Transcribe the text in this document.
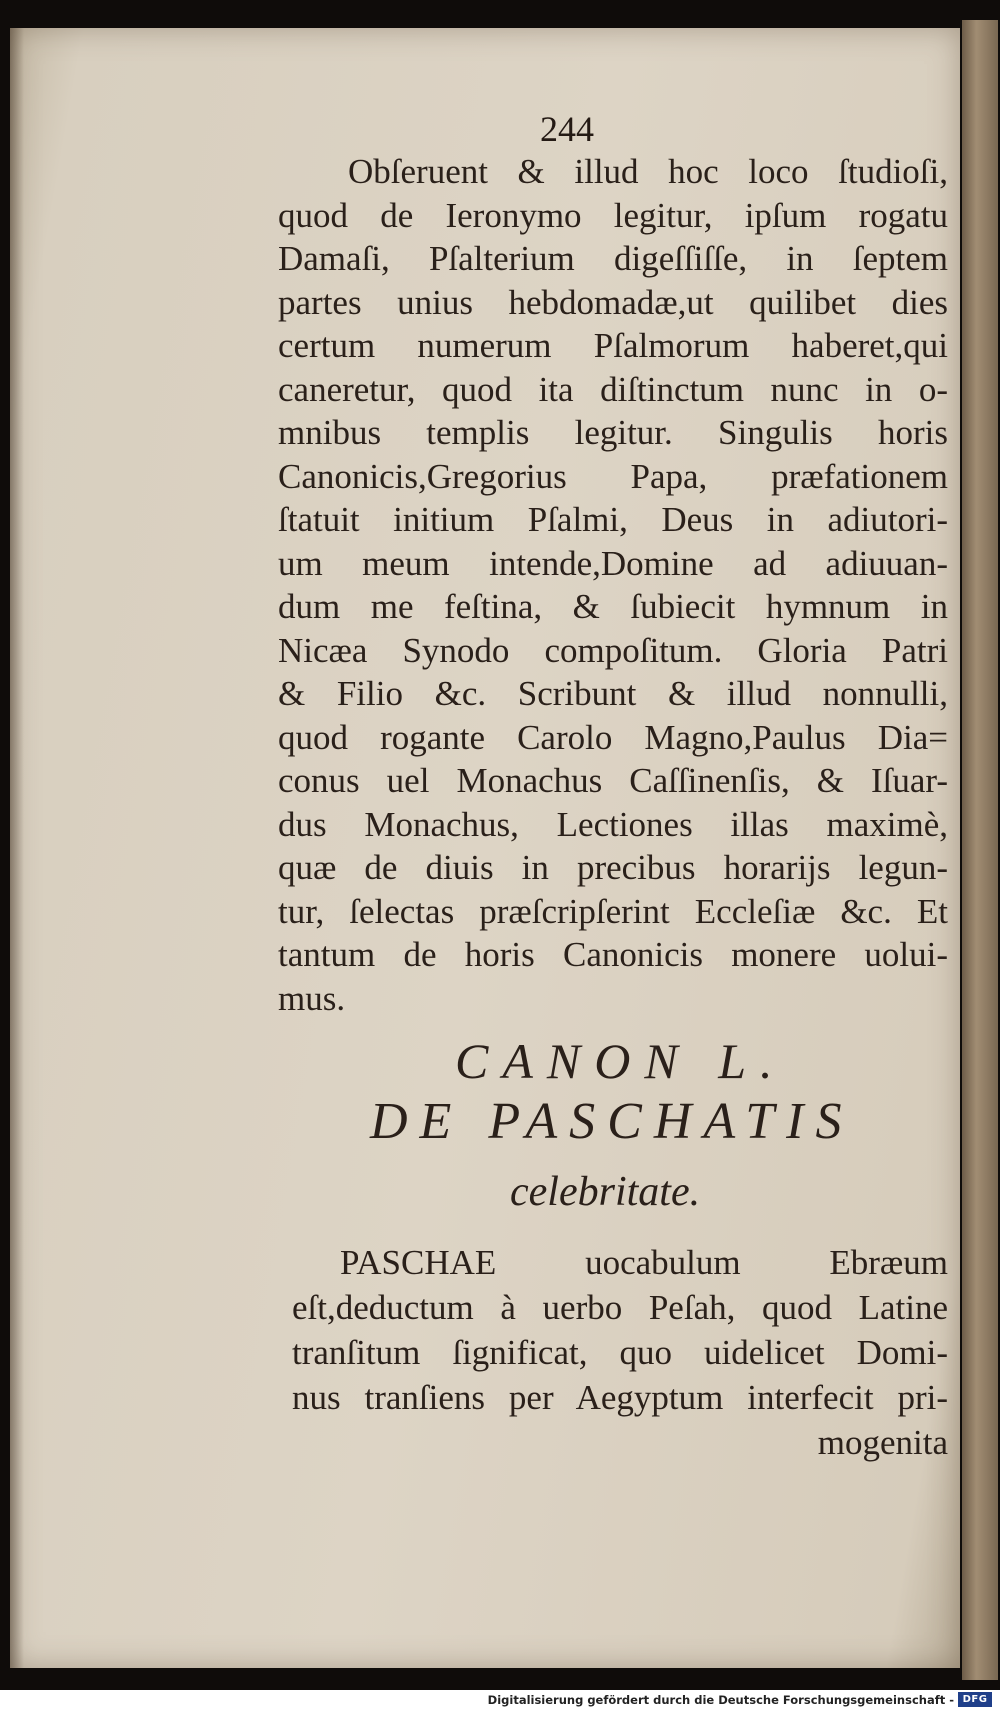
244
Obſeruent & illud hoc loco ſtudioſi,
quod de Ieronymo legitur, ipſum rogatu
Damaſi, Pſalterium digeſſiſſe, in ſeptem
partes unius hebdomadæ,ut quilibet dies
certum numerum Pſalmorum haberet,qui
caneretur, quod ita diſtinctum nunc in o-
mnibus templis legitur. Singulis horis
Canonicis,Gregorius Papa, præfationem
ſtatuit initium Pſalmi, Deus in adiutori-
um meum intende,Domine ad adiuuan-
dum me feſtina, & ſubiecit hymnum in
Nicæa Synodo compoſitum. Gloria Patri
& Filio &c. Scribunt & illud nonnulli,
quod rogante Carolo Magno,Paulus Dia=
conus uel Monachus Caſſinenſis, & Iſuar-
dus Monachus, Lectiones illas maximè,
quæ de diuis in precibus horarijs legun-
tur, ſelectas præſcripſerint Eccleſiæ &c. Et
tantum de horis Canonicis monere uolui-
mus.
CANON L.
DE PASCHATIS
celebritate.
PASCHAE uocabulum Ebræum
eſt,deductum à uerbo Peſah, quod Latine
tranſitum ſignificat, quo uidelicet Domi-
nus tranſiens per Aegyptum interfecit pri-
mogenita
Digitalisierung gefördert durch die Deutsche Forschungsgemeinschaft - DFG
